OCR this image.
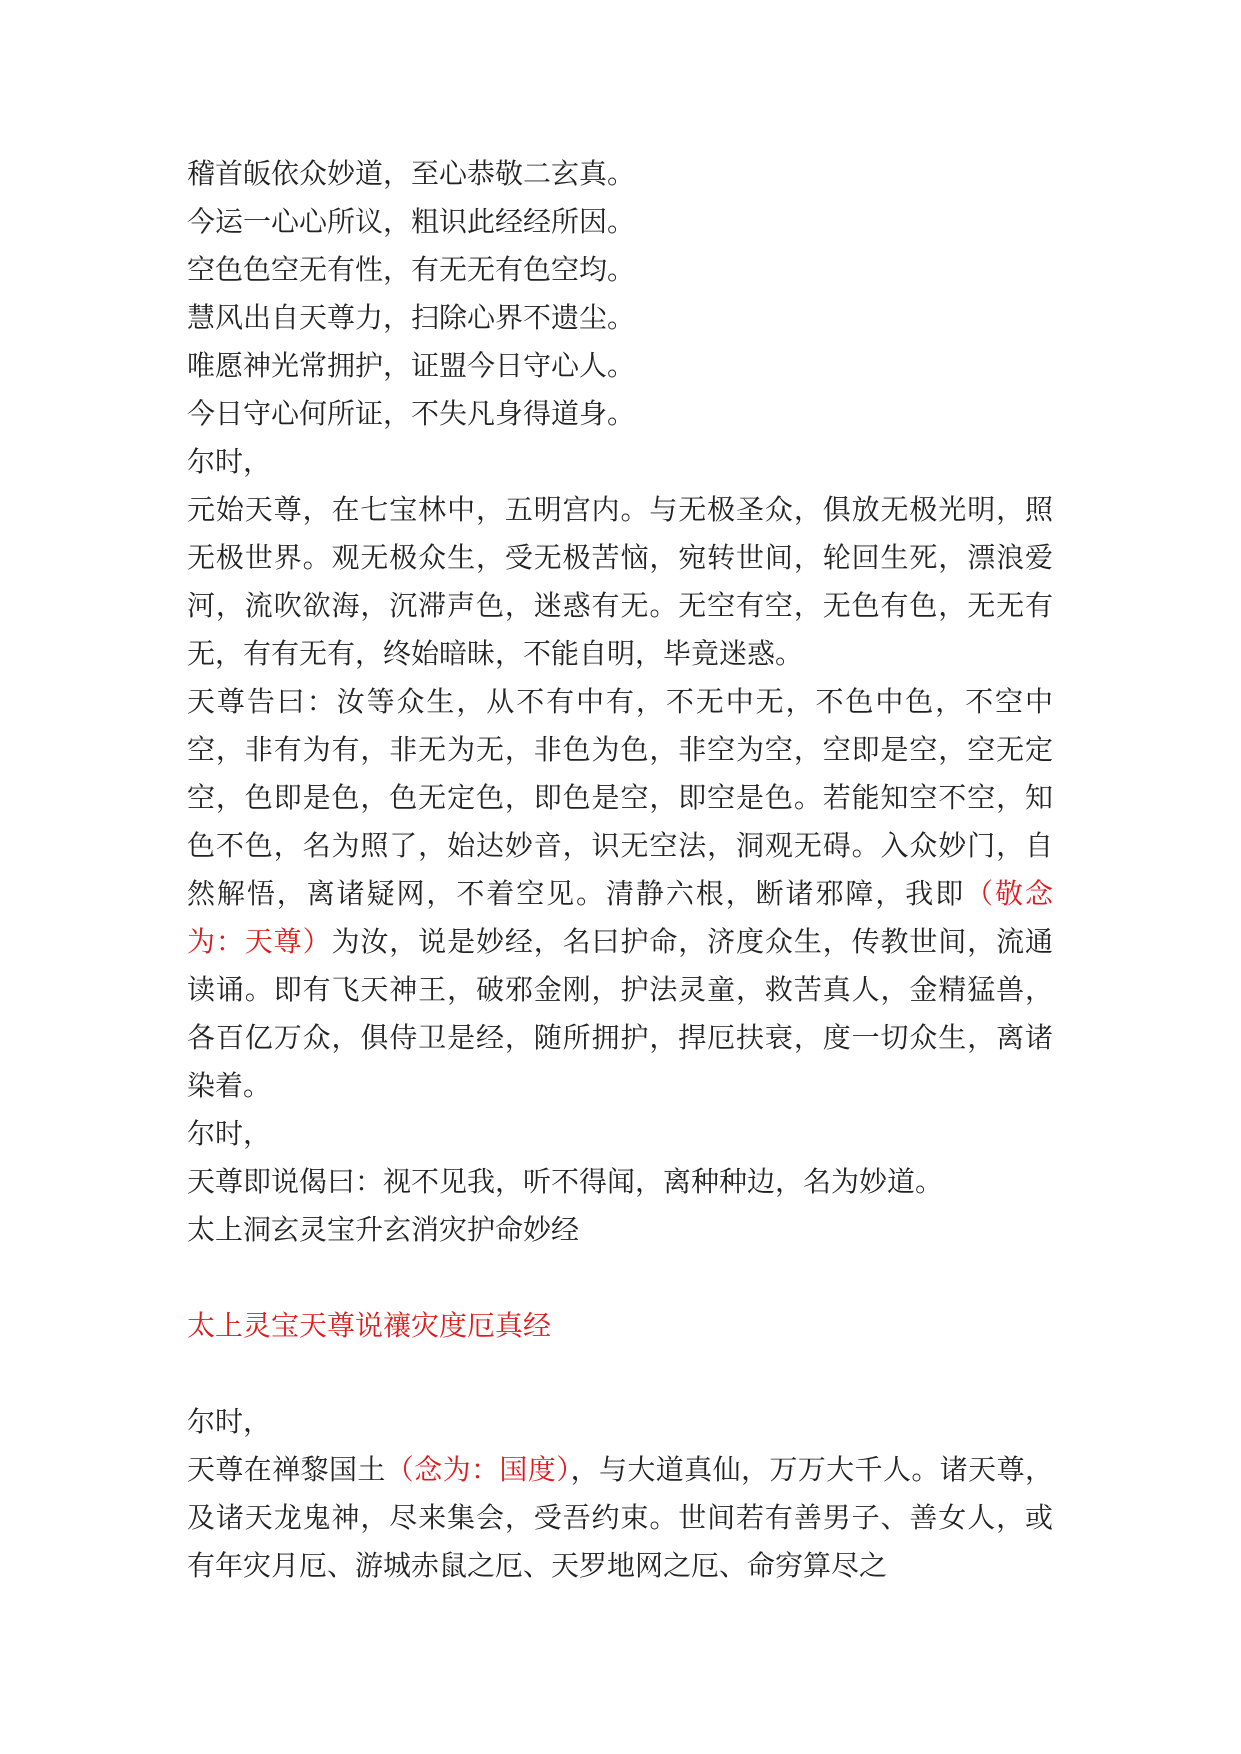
稽首皈依众妙道，至心恭敬二玄真。

今运一心心所议，粗识此经经所因。

空色色空无有性，有无无有色空均。

慧风出自天尊力，扫除心界不遗尘。

唯愿神光常拥护，证盟今日守心人。

今日守心何所证，不失凡身得道身。

尔时，

元始天尊，在七宝林中，五明宫内。与无极圣众，俱放无极光明，照无极世界。观无极众生，受无极苦恼，宛转世间，轮回生死，漂浪爱河，流吹欲海，沉滞声色，迷惑有无。无空有空，无色有色，无无有无，有有无有，终始暗昧，不能自明，毕竟迷惑。

天尊告曰：汝等众生，从不有中有，不无中无，不色中色，不空中空，非有为有，非无为无，非色为色，非空为空，空即是空，空无定空，色即是色，色无定色，即色是空，即空是色。若能知空不空，知色不色，名为照了，始达妙音，识无空法，洞观无碍。入众妙门，自然解悟，离诸疑网，不着空见。清静六根，断诸邪障，我即（敬念为：天尊）为汝，说是妙经，名曰护命，济度众生，传教世间，流通读诵。即有飞天神王，破邪金刚，护法灵童，救苦真人，金精猛兽，各百亿万众，俱侍卫是经，随所拥护，捍厄扶衰，度一切众生，离诸染着。

尔时，

天尊即说偈曰：视不见我，听不得闻，离种种边，名为妙道。

太上洞玄灵宝升玄消灾护命妙经

太上灵宝天尊说禳灾度厄真经

尔时，

天尊在禅黎国土（念为：国度），与大道真仙，万万大千人。诸天尊，及诸天龙鬼神，尽来集会，受吾约束。世间若有善男子、善女人，或有年灾月厄、游城赤鼠之厄、天罗地网之厄、命穷算尽之
